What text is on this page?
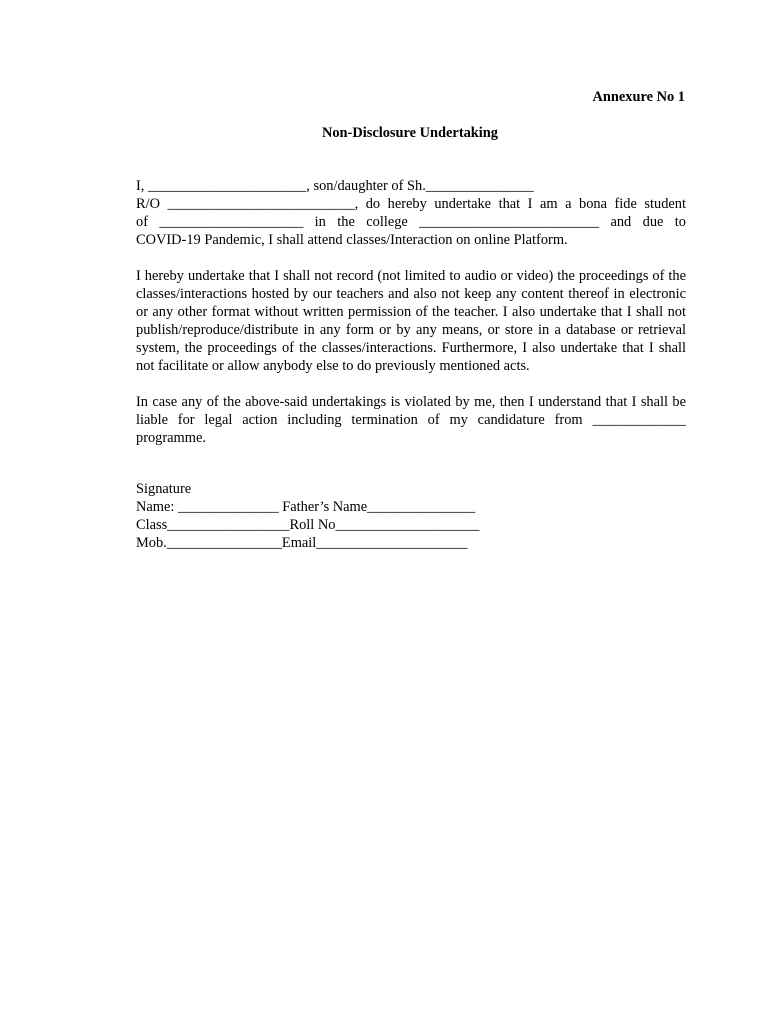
Annexure No 1
Non-Disclosure Undertaking
I, ______________________, son/daughter of Sh._______________
R/O __________________________, do hereby undertake that I am a bona fide student
of ____________________ in the college _________________________ and due to
COVID-19 Pandemic, I shall attend classes/Interaction on online Platform.

I hereby undertake that I shall not record (not limited to audio or video) the proceedings of the classes/interactions hosted by our teachers and also not keep any content thereof in electronic or any other format without written permission of the teacher. I also undertake that I shall not publish/reproduce/distribute in any form or by any means, or store in a database or retrieval system, the proceedings of the classes/interactions. Furthermore, I also undertake that I shall not facilitate or allow anybody else to do previously mentioned acts.

In case any of the above-said undertakings is violated by me, then I understand that I shall be liable for legal action including termination of my candidature from _____________ programme.

Signature
Name: ______________ Father’s Name_______________
Class_________________Roll No____________________
Mob.________________Email_____________________
